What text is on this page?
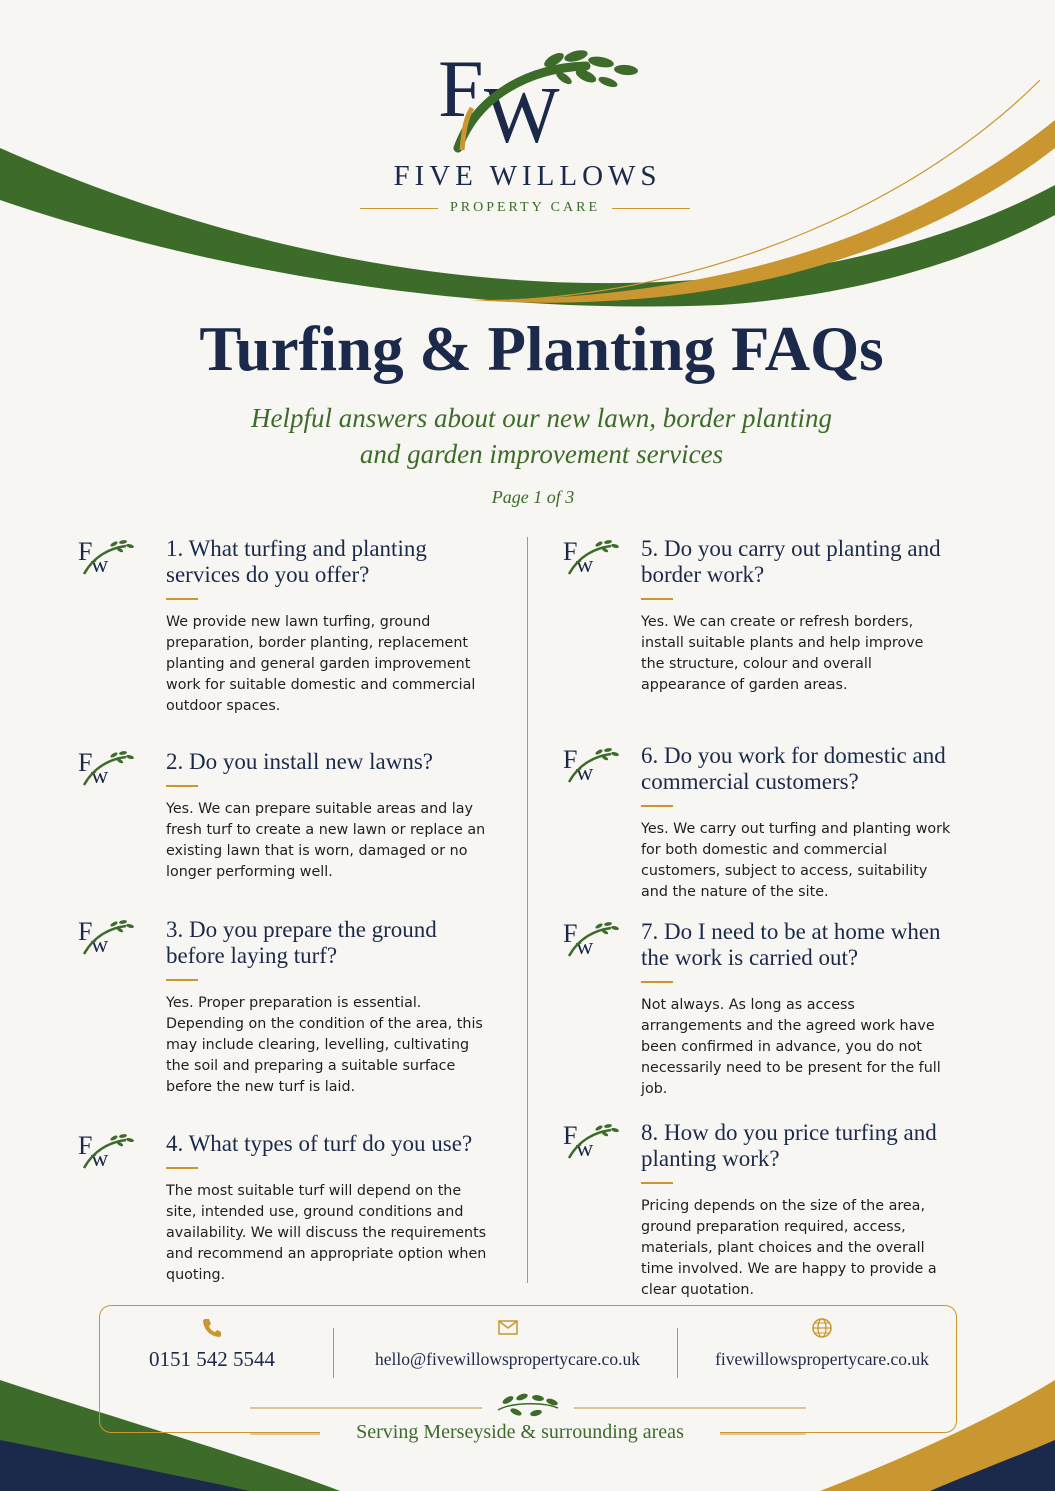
F W
FIVE WILLOWS
PROPERTY CARE
Turfing & Planting FAQs
Helpful answers about our new lawn, border planting
and garden improvement services
Page 1 of 3
F
w
F
w
F
w
F
w
F
w
F
w
F
w
F
w

1. What turfing and planting services do you offer?

We provide new lawn turfing, ground preparation, border planting, replacement planting and general garden improvement work for suitable domestic and commercial outdoor spaces.

2. Do you install new lawns?

Yes. We can prepare suitable areas and lay fresh turf to create a new lawn or replace an existing lawn that is worn, damaged or no longer performing well.

3. Do you prepare the ground before laying turf?

Yes. Proper preparation is essential. Depending on the condition of the area, this may include clearing, levelling, cultivating the soil and preparing a suitable surface before the new turf is laid.

4. What types of turf do you use?

The most suitable turf will depend on the site, intended use, ground conditions and availability. We will discuss the requirements and recommend an appropriate option when quoting.

5. Do you carry out planting and border work?

Yes. We can create or refresh borders, install suitable plants and help improve the structure, colour and overall appearance of garden areas.

6. Do you work for domestic and commercial customers?

Yes. We carry out turfing and planting work for both domestic and commercial customers, subject to access, suitability and the nature of the site.

7. Do I need to be at home when the work is carried out?

Not always. As long as access arrangements and the agreed work have been confirmed in advance, you do not necessarily need to be present for the full job.

8. How do you price turfing and planting work?

Pricing depends on the size of the area, ground preparation required, access, materials, plant choices and the overall time involved. We are happy to provide a clear quotation.

0151 542 5544	hello@fivewillowspropertycare.co.uk	fivewillowspropertycare.co.uk
Serving Merseyside & surrounding areas
